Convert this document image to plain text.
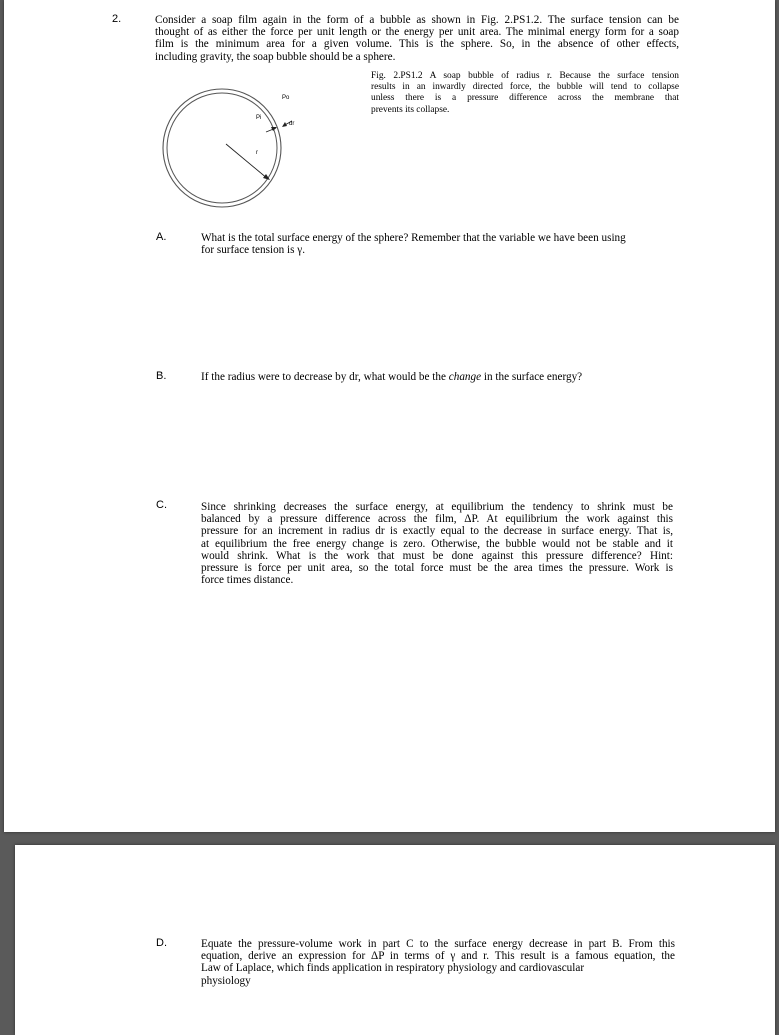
2.	Consider a soap film again in the form of a bubble as shown in Fig. 2.PS1.2. The surface tension can be
thought of as either the force per unit length or the energy per unit area. The minimal energy form for a soap
film is the minimum area for a given volume. This is the sphere. So, in the absence of other effects,
including gravity, the soap bubble should be a sphere.
Po
Pi
dr
r
Fig. 2.PS1.2 A soap bubble of radius r. Because the surface tension
results in an inwardly directed force, the bubble will tend to collapse
unless there is a pressure difference across the membrane that
prevents its collapse.
A.	What is the total surface energy of the sphere? Remember that the variable we have been using
for surface tension is γ.
B.	If the radius were to decrease by dr, what would be the change in the surface energy?
C.	Since shrinking decreases the surface energy, at equilibrium the tendency to shrink must be
balanced by a pressure difference across the film, ΔP. At equilibrium the work against this
pressure for an increment in radius dr is exactly equal to the decrease in surface energy. That is,
at equilibrium the free energy change is zero. Otherwise, the bubble would not be stable and it
would shrink. What is the work that must be done against this pressure difference? Hint:
pressure is force per unit area, so the total force must be the area times the pressure. Work is
force times distance.
D.	Equate the pressure-volume work in part C to the surface energy decrease in part B. From this
equation, derive an expression for ΔP in terms of γ and r. This result is a famous equation, the
Law of Laplace, which finds application in respiratory physiology and cardiovascular
physiology
